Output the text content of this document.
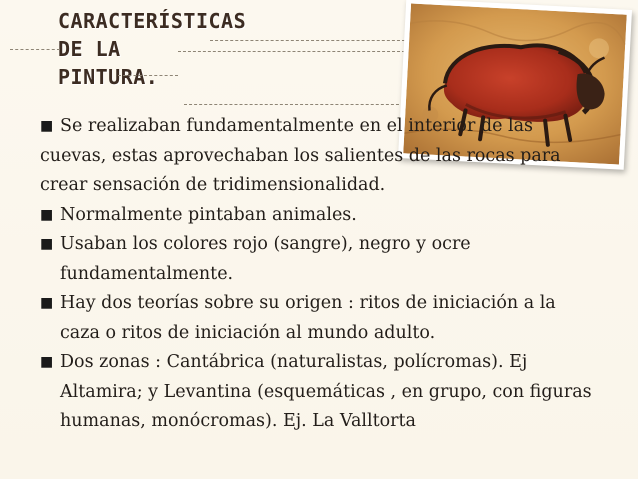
CARACTERÍSTICAS
DE LA
PINTURA.
■ Se realizaban fundamentalmente en el interior de las cuevas, estas aprovechaban los salientes de las rocas para crear sensación de tridimensionalidad.
■ Normalmente pintaban animales.
■ Usaban los colores rojo (sangre), negro y ocre fundamentalmente.
■ Hay dos teorías sobre su origen : ritos de iniciación a la caza o ritos de iniciación al mundo adulto.
■ Dos zonas : Cantábrica (naturalistas, polícromas). Ej Altamira; y Levantina (esquemáticas , en grupo, con figuras humanas, monócromas). Ej. La Valltorta
